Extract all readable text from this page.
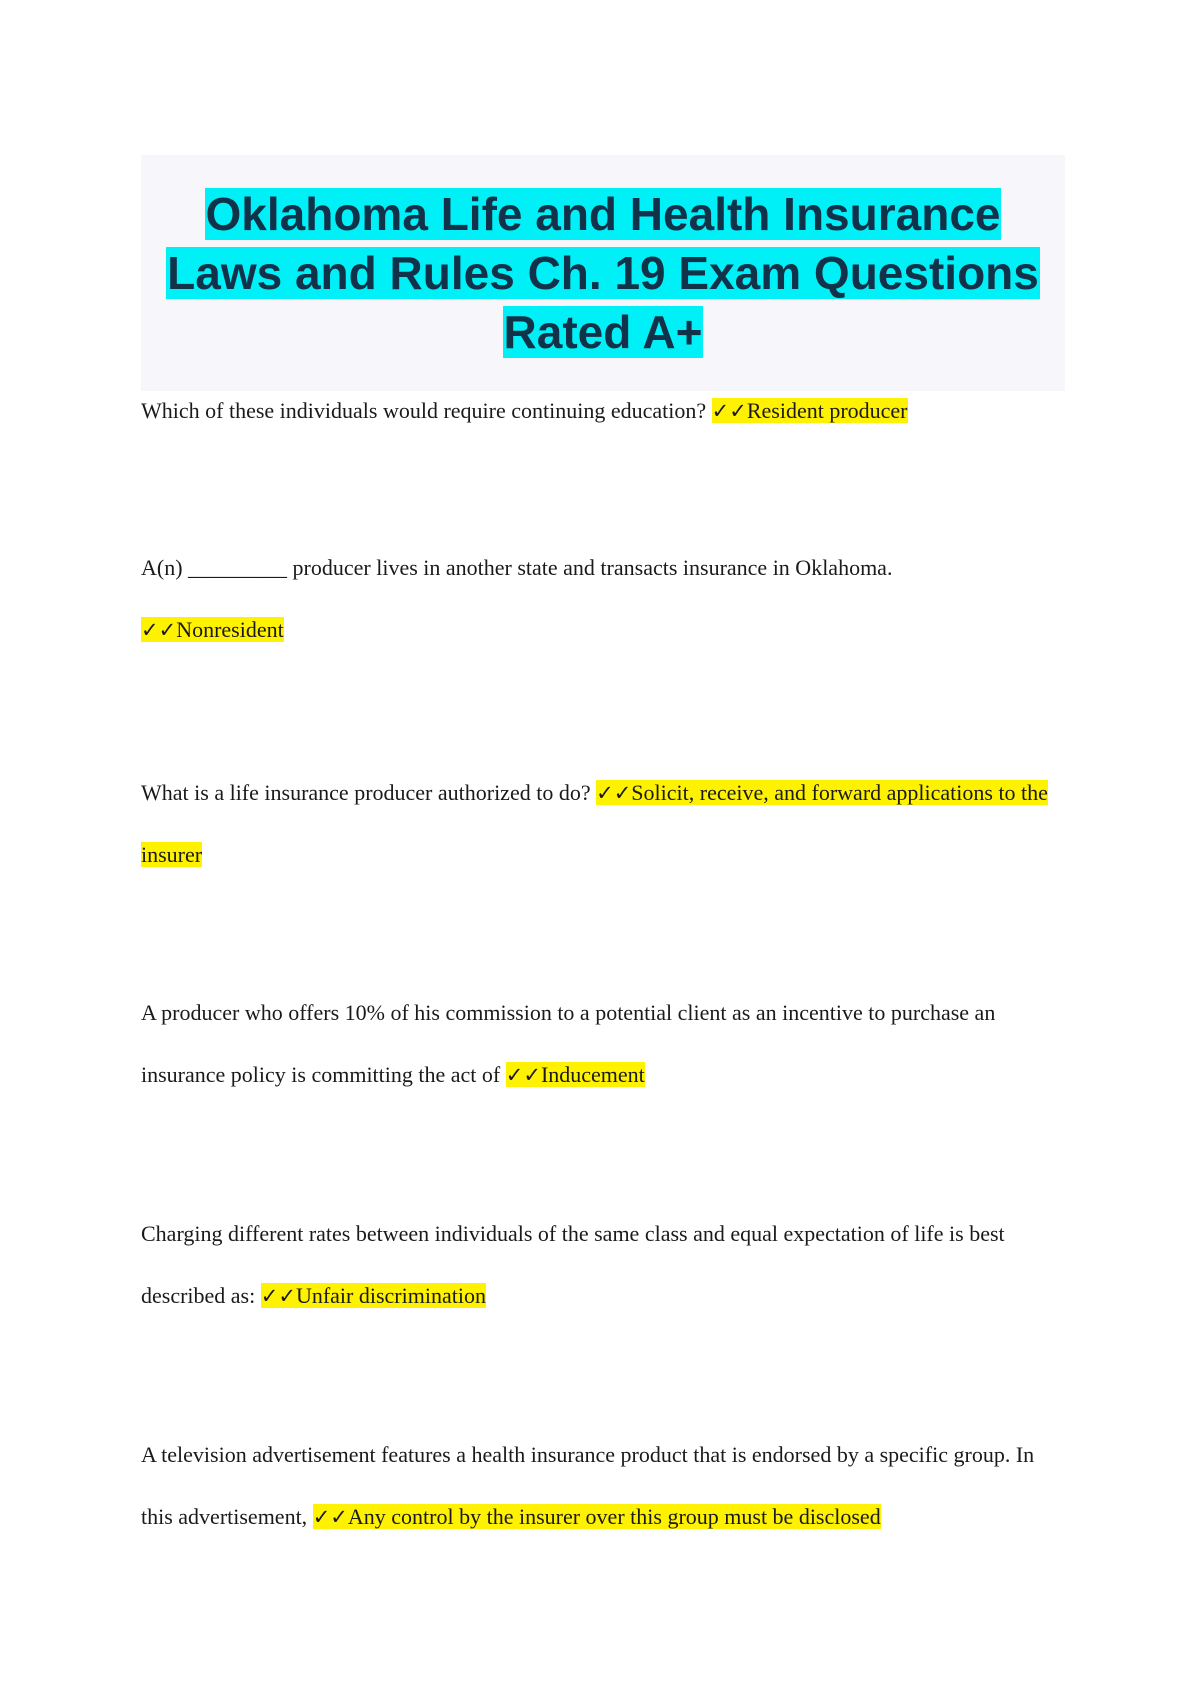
Oklahoma Life and Health Insurance Laws and Rules Ch. 19 Exam Questions Rated A+

Which of these individuals would require continuing education? ✓✓Resident producer

A(n) _________ producer lives in another state and transacts insurance in Oklahoma.
✓✓Nonresident

What is a life insurance producer authorized to do? ✓✓Solicit, receive, and forward applications to the insurer

A producer who offers 10% of his commission to a potential client as an incentive to purchase an insurance policy is committing the act of ✓✓Inducement

Charging different rates between individuals of the same class and equal expectation of life is best described as: ✓✓Unfair discrimination

A television advertisement features a health insurance product that is endorsed by a specific group. In this advertisement, ✓✓Any control by the insurer over this group must be disclosed
